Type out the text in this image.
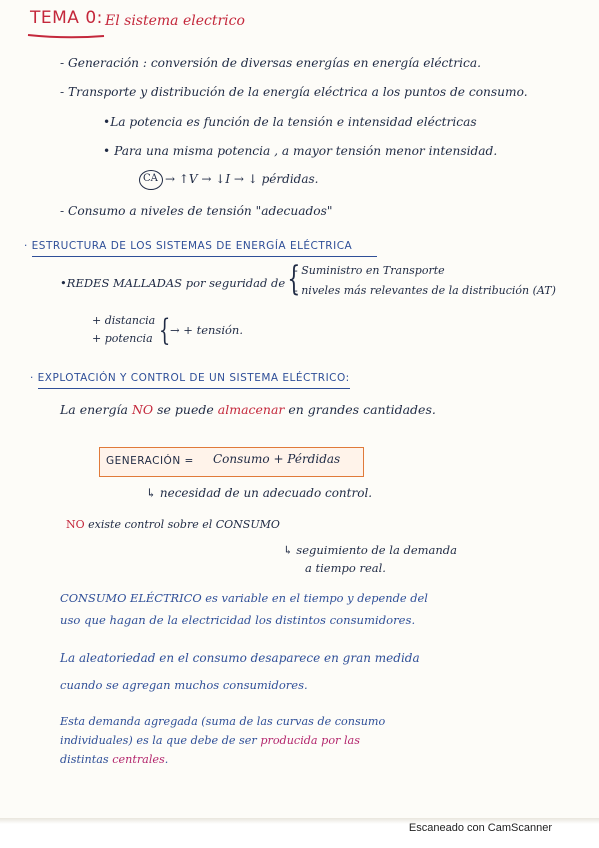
TEMA 0: El sistema electrico
- Generación : conversión de diversas energías en energía eléctrica.
- Transporte y distribución de la energía eléctrica a los puntos de consumo.
•La potencia es función de la tensión e intensidad eléctricas
• Para una misma potencia , a mayor tensión menor intensidad.
CA → ↑V → ↓I → ↓ pérdidas.
- Consumo a niveles de tensión "adecuados"
· ESTRUCTURA DE LOS SISTEMAS DE ENERGÍA ELÉCTRICA
•REDES MALLADAS por seguridad de {
- Suministro en Transporte
- niveles más relevantes de la distribución (AT)
+ distancia
+ potencia { → + tensión.
· EXPLOTACIÓN Y CONTROL DE UN SISTEMA ELÉCTRICO:
La energía NO se puede almacenar en grandes cantidades.
GENERACIÓN = Consumo + Pérdidas
↳ necesidad de un adecuado control.
NO existe control sobre el CONSUMO
↳ seguimiento de la demanda
a tiempo real.
CONSUMO ELÉCTRICO es variable en el tiempo y depende del
uso que hagan de la electricidad los distintos consumidores.
La aleatoriedad en el consumo desaparece en gran medida
cuando se agregan muchos consumidores.
Esta demanda agregada (suma de las curvas de consumo
individuales) es la que debe de ser producida por las
distintas centrales.
Escaneado con CamScanner
